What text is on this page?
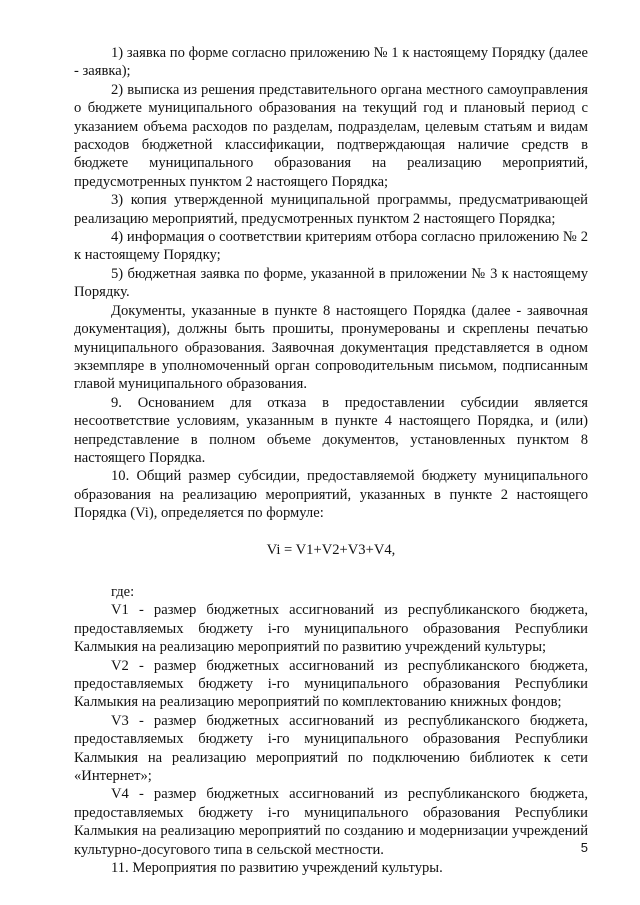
1) заявка по форме согласно приложению № 1 к настоящему Порядку (далее - заявка);

2) выписка из решения представительного органа местного самоуправления о бюджете муниципального образования на текущий год и плановый период с указанием объема расходов по разделам, подразделам, целевым статьям и видам расходов бюджетной классификации, подтверждающая наличие средств в бюджете муниципального образования на реализацию мероприятий, предусмотренных пунктом 2 настоящего Порядка;

3) копия утвержденной муниципальной программы, предусматривающей реализацию мероприятий, предусмотренных пунктом 2 настоящего Порядка;

4) информация о соответствии критериям отбора согласно приложению № 2 к настоящему Порядку;

5) бюджетная заявка по форме, указанной в приложении № 3 к настоящему Порядку.

Документы, указанные в пункте 8 настоящего Порядка (далее - заявочная документация), должны быть прошиты, пронумерованы и скреплены печатью муниципального образования. Заявочная документация представляется в одном экземпляре в уполномоченный орган сопроводительным письмом, подписанным главой муниципального образования.

9. Основанием для отказа в предоставлении субсидии является несоответствие условиям, указанным в пункте 4 настоящего Порядка, и (или) непредставление в полном объеме документов, установленных пунктом 8 настоящего Порядка.

10. Общий размер субсидии, предоставляемой бюджету муниципального образования на реализацию мероприятий, указанных в пункте 2 настоящего Порядка (Vi), определяется по формуле:

Vi = V1+V2+V3+V4,

где:

V1 - размер бюджетных ассигнований из республиканского бюджета, предоставляемых бюджету i-го муниципального образования Республики Калмыкия на реализацию мероприятий по развитию учреждений культуры;

V2 - размер бюджетных ассигнований из республиканского бюджета, предоставляемых бюджету i-го муниципального образования Республики Калмыкия на реализацию мероприятий по комплектованию книжных фондов;

V3 - размер бюджетных ассигнований из республиканского бюджета, предоставляемых бюджету i-го муниципального образования Республики Калмыкия на реализацию мероприятий по подключению библиотек к сети «Интернет»;

V4 - размер бюджетных ассигнований из республиканского бюджета, предоставляемых бюджету i-го муниципального образования Республики Калмыкия на реализацию мероприятий по созданию и модернизации учреждений культурно-досугового типа в сельской местности.

11. Мероприятия по развитию учреждений культуры.

5
